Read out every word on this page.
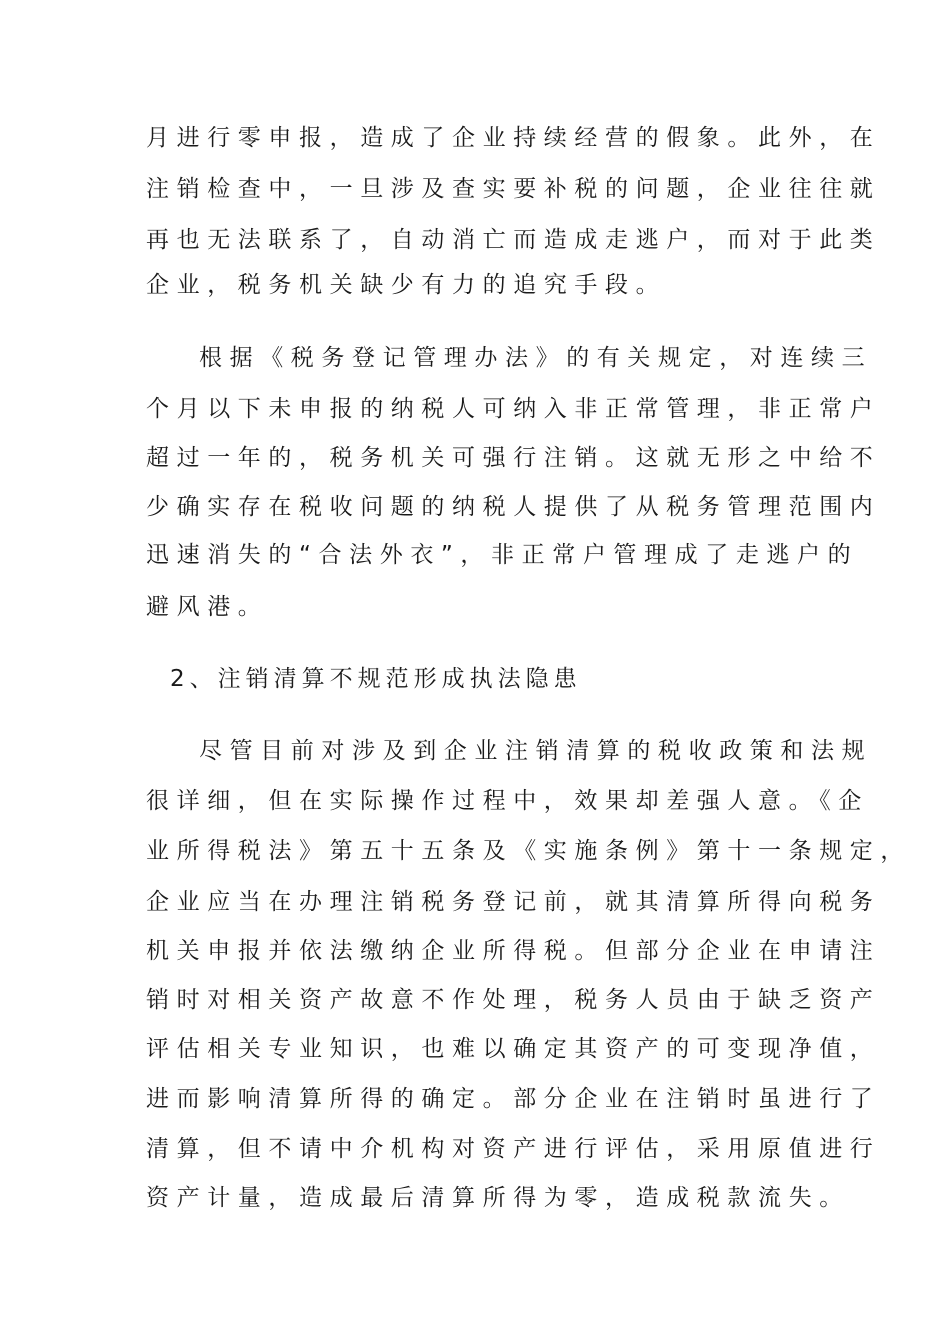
月进行零申报，造成了企业持续经营的假象。此外，在
注销检查中，一旦涉及查实要补税的问题，企业往往就
再也无法联系了，自动消亡而造成走逃户，而对于此类
企业，税务机关缺少有力的追究手段。
根据《税务登记管理办法》的有关规定，对连续三
个月以下未申报的纳税人可纳入非正常管理，非正常户
超过一年的，税务机关可强行注销。这就无形之中给不
少确实存在税收问题的纳税人提供了从税务管理范围内
迅速消失的“合法外衣”，非正常户管理成了走逃户的
避风港。
2、注销清算不规范形成执法隐患
尽管目前对涉及到企业注销清算的税收政策和法规
很详细，但在实际操作过程中，效果却差强人意。《企
业所得税法》第五十五条及《实施条例》第十一条规定，
企业应当在办理注销税务登记前，就其清算所得向税务
机关申报并依法缴纳企业所得税。但部分企业在申请注
销时对相关资产故意不作处理，税务人员由于缺乏资产
评估相关专业知识，也难以确定其资产的可变现净值，
进而影响清算所得的确定。部分企业在注销时虽进行了
清算，但不请中介机构对资产进行评估，采用原值进行
资产计量，造成最后清算所得为零，造成税款流失。
